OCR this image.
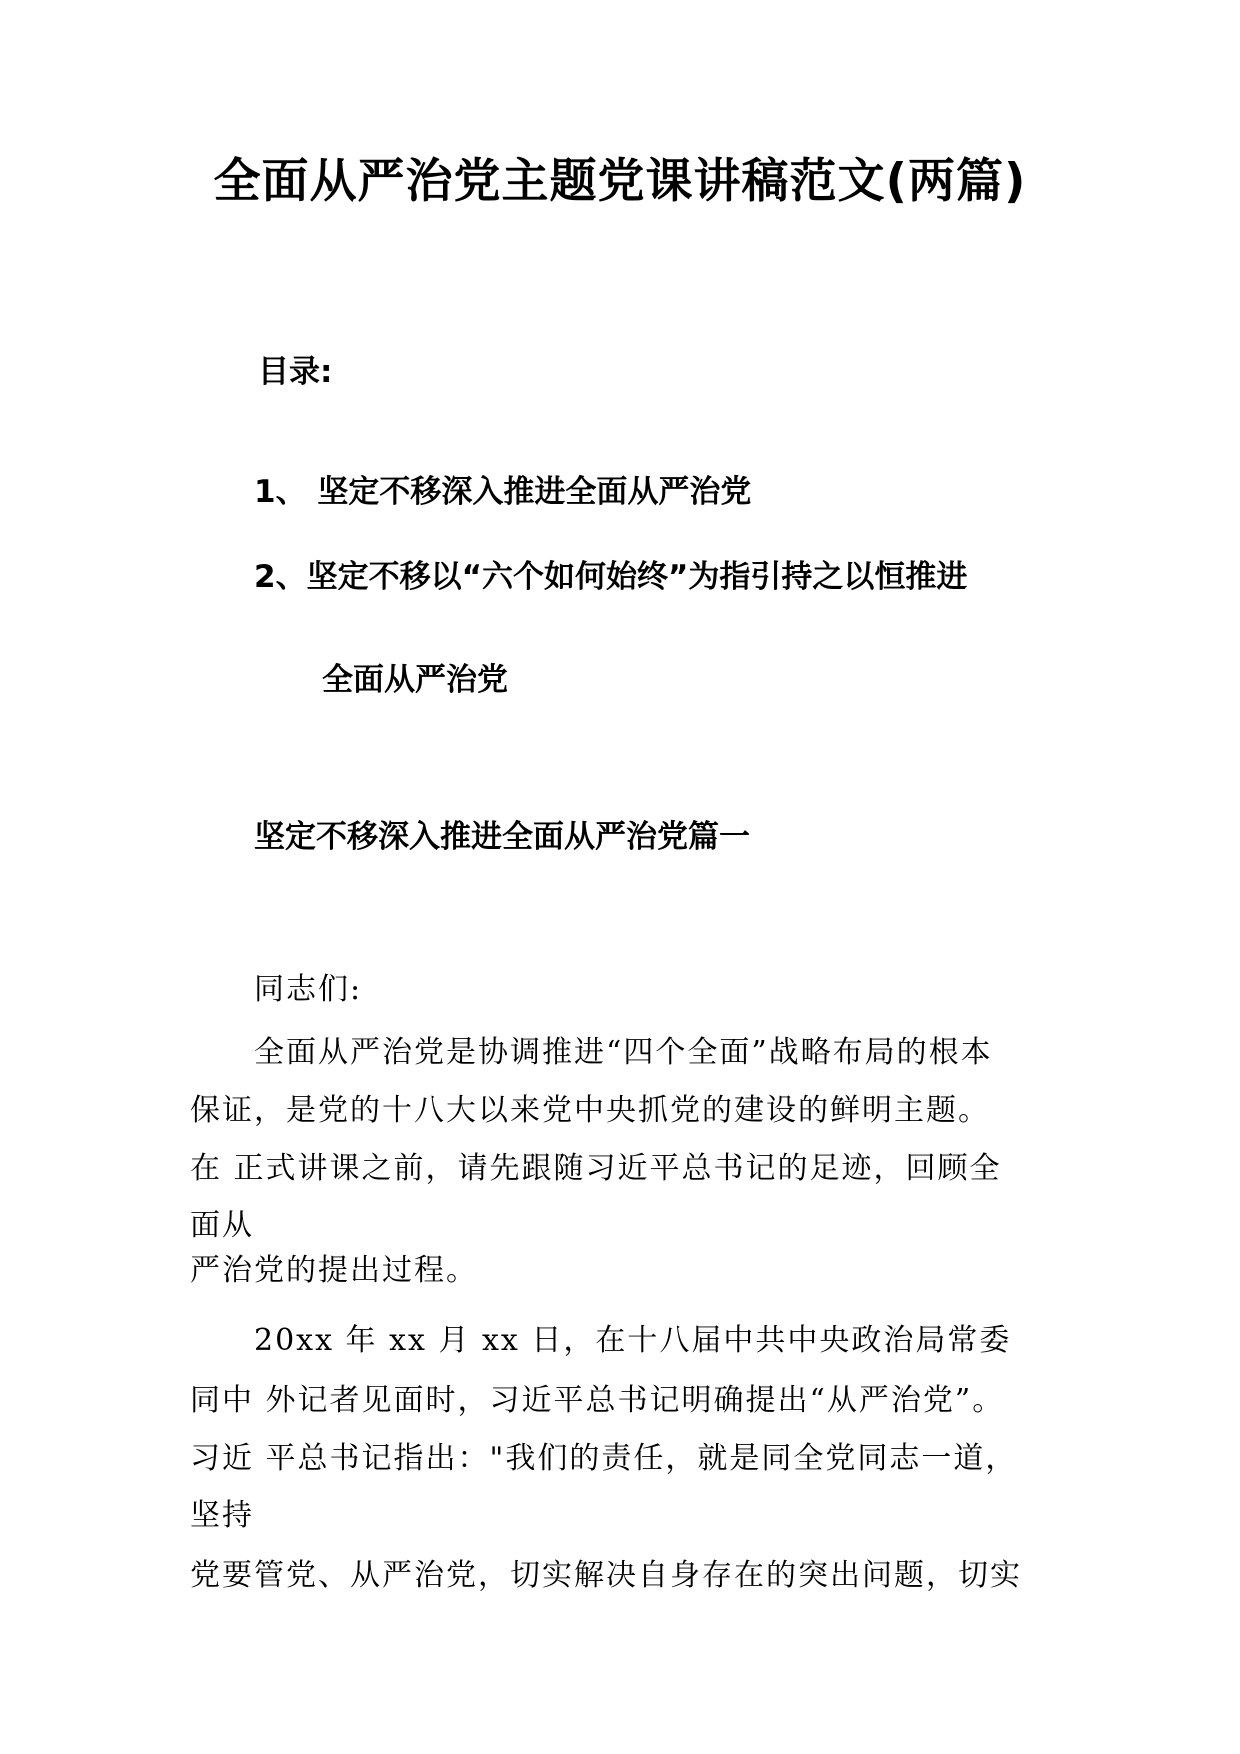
全面从严治党主题党课讲稿范文(两篇)
目录:
1、 坚定不移深入推进全面从严治党
2、坚定不移以“六个如何始终”为指引持之以恒推进
全面从严治党
坚定不移深入推进全面从严治党篇一
同志们:
全面从严治党是协调推进“四个全面”战略布局的根本
保证，是党的十八大以来党中央抓党的建设的鲜明主题。
在 正式讲课之前，请先跟随习近平总书记的足迹，回顾全
面从
严治党的提出过程。
20xx 年 xx 月 xx 日，在十八届中共中央政治局常委
同中 外记者见面时，习近平总书记明确提出“从严治党”。
习近 平总书记指出："我们的责任，就是同全党同志一道，
坚持
党要管党、从严治党，切实解决自身存在的突出问题，切实
